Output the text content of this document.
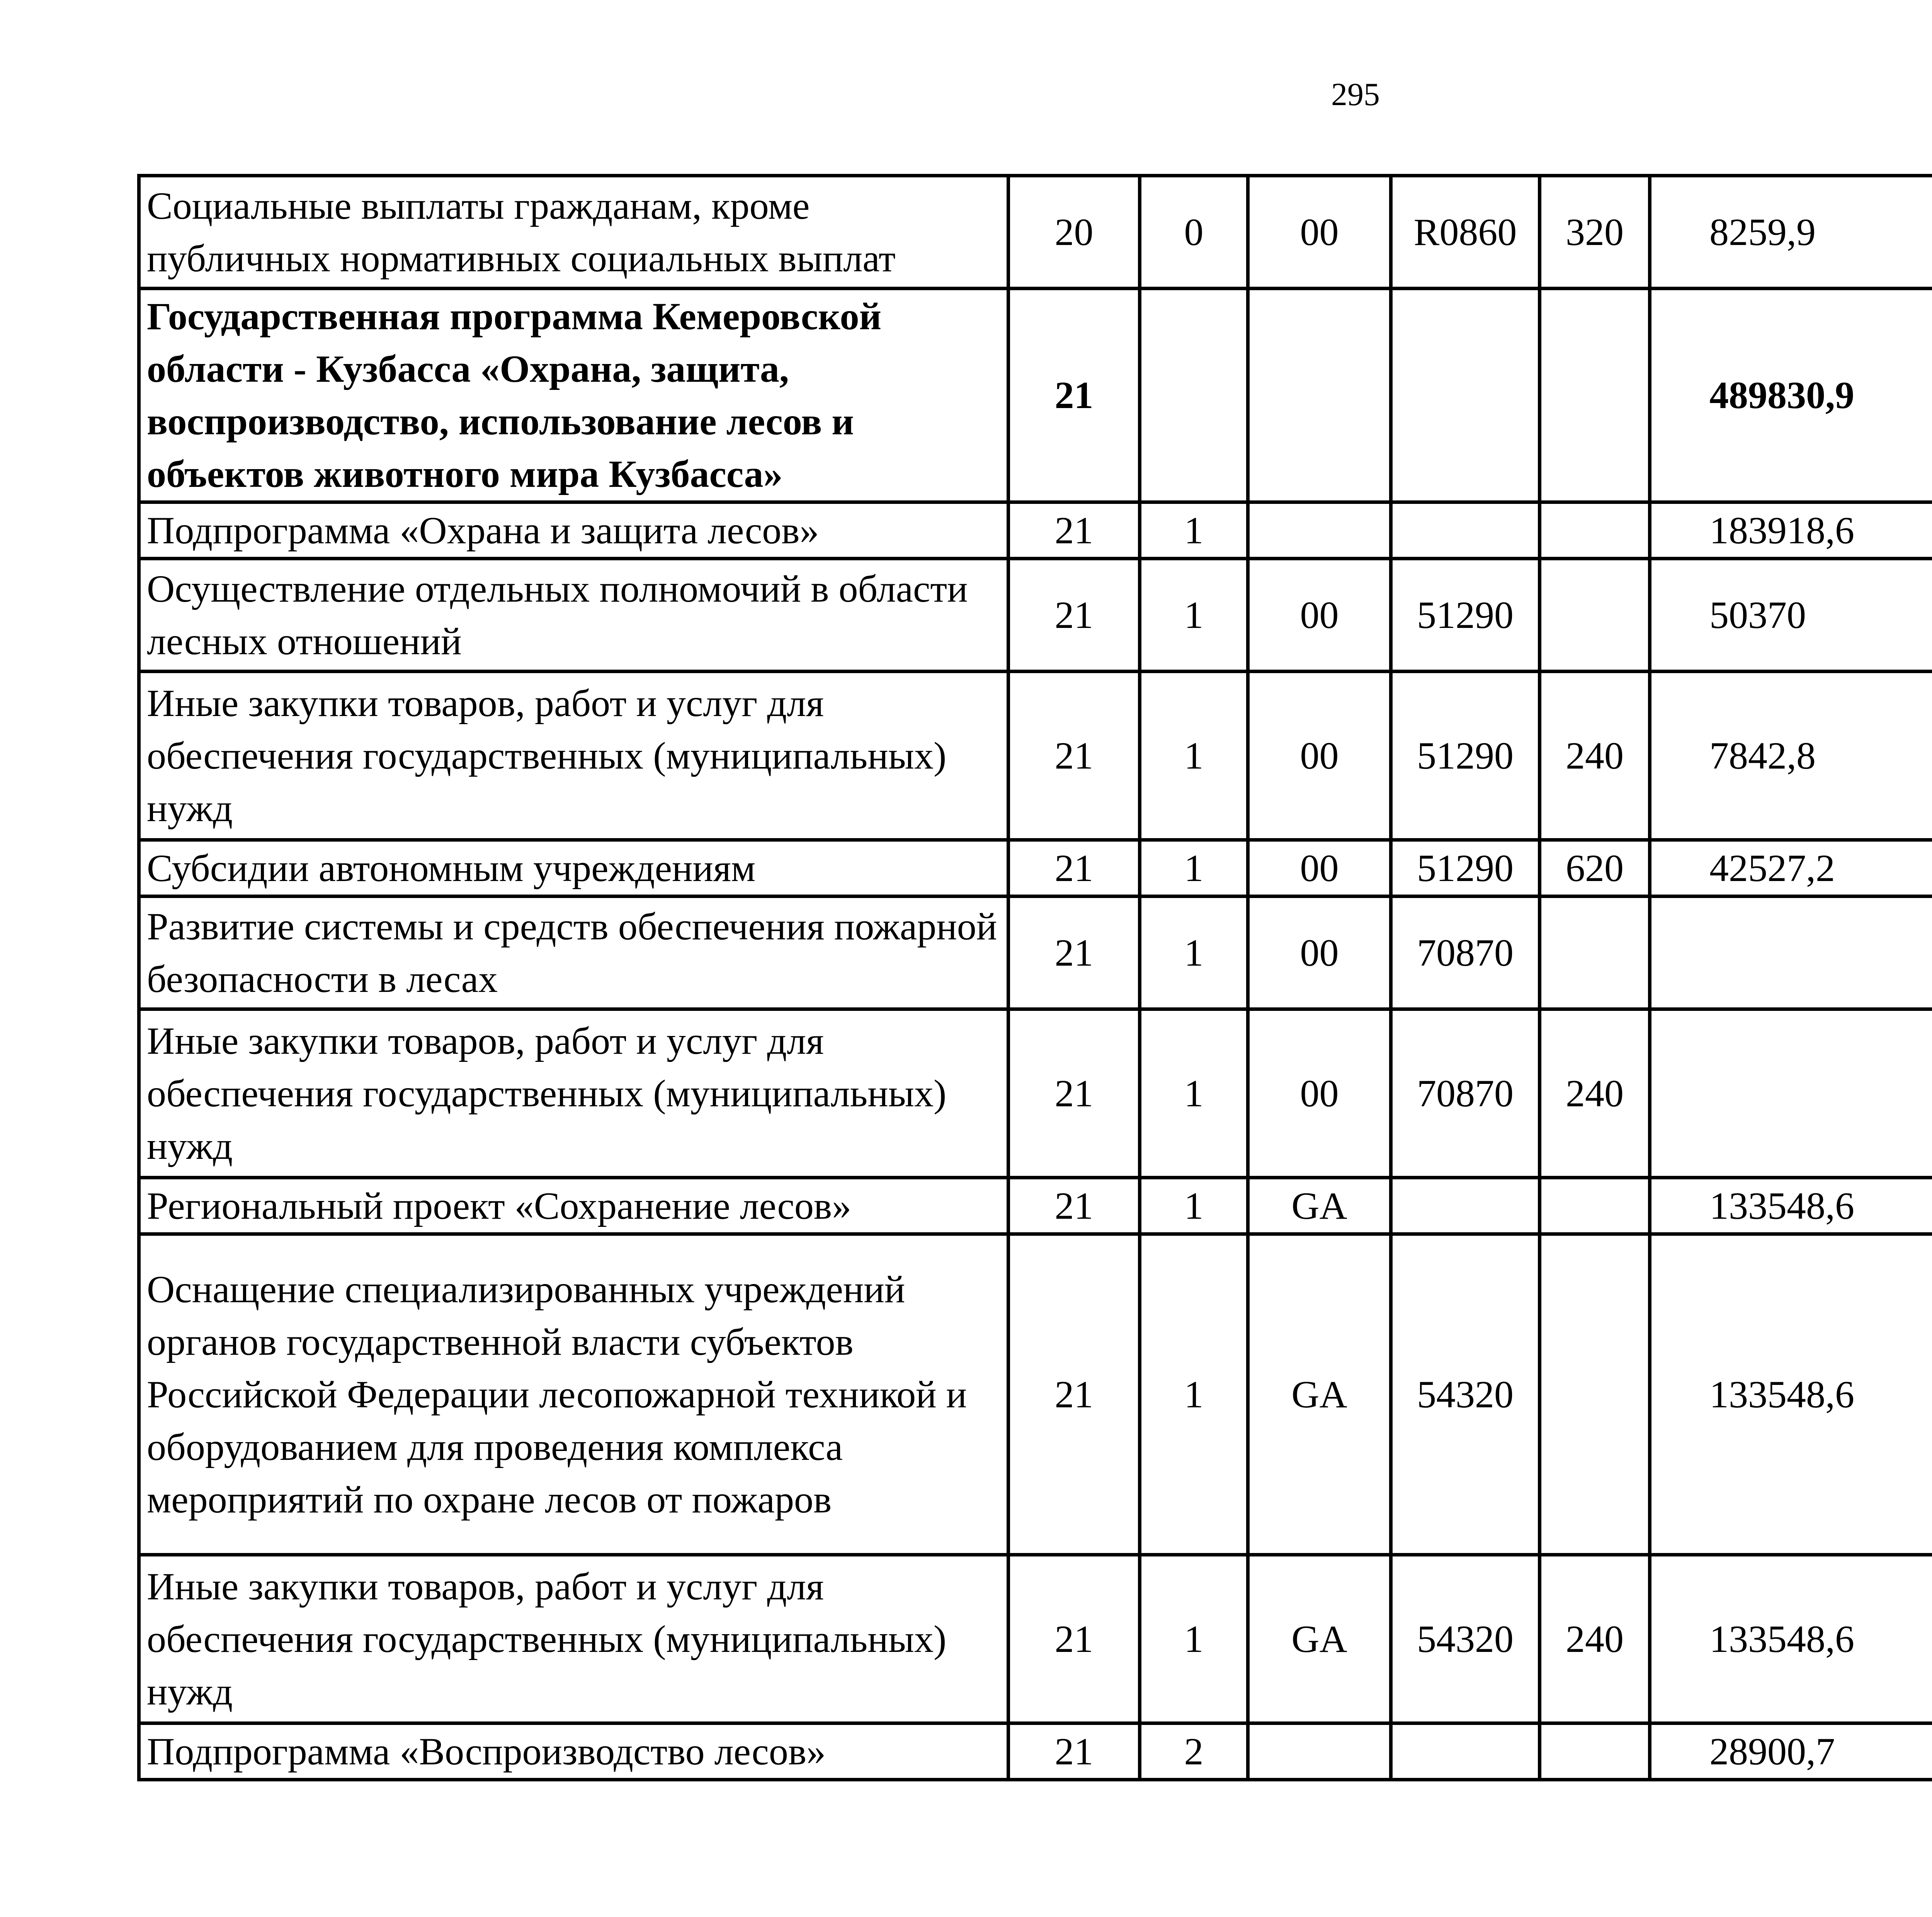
295
Социальные выплаты гражданам, кроме публичных нормативных социальных выплат	20	0	00	R0860	320	8259,9		
Государственная программа Кемеровской области - Кузбасса «Охрана, защита, воспроизводство, использование лесов и объектов животного мира Кузбасса»	21					489830,9		
Подпрограмма «Охрана и защита лесов»	21	1				183918,6		
Осуществление отдельных полномочий в области лесных отношений	21	1	00	51290		50370		
Иные закупки товаров, работ и услуг для обеспечения государственных (муниципальных) нужд	21	1	00	51290	240	7842,8		
Субсидии автономным учреждениям	21	1	00	51290	620	42527,2		
Развитие системы и средств обеспечения пожарной безопасности в лесах	21	1	00	70870				
Иные закупки товаров, работ и услуг для обеспечения государственных (муниципальных) нужд	21	1	00	70870	240			
Региональный проект «Сохранение лесов»	21	1	GA			133548,6		
Оснащение специализированных учреждений органов государственной власти субъектов Российской Федерации лесопожарной техникой и оборудованием для проведения комплекса мероприятий по охране лесов от пожаров	21	1	GA	54320		133548,6		
Иные закупки товаров, работ и услуг для обеспечения государственных (муниципальных) нужд	21	1	GA	54320	240	133548,6		
Подпрограмма «Воспроизводство лесов»	21	2				28900,7		
